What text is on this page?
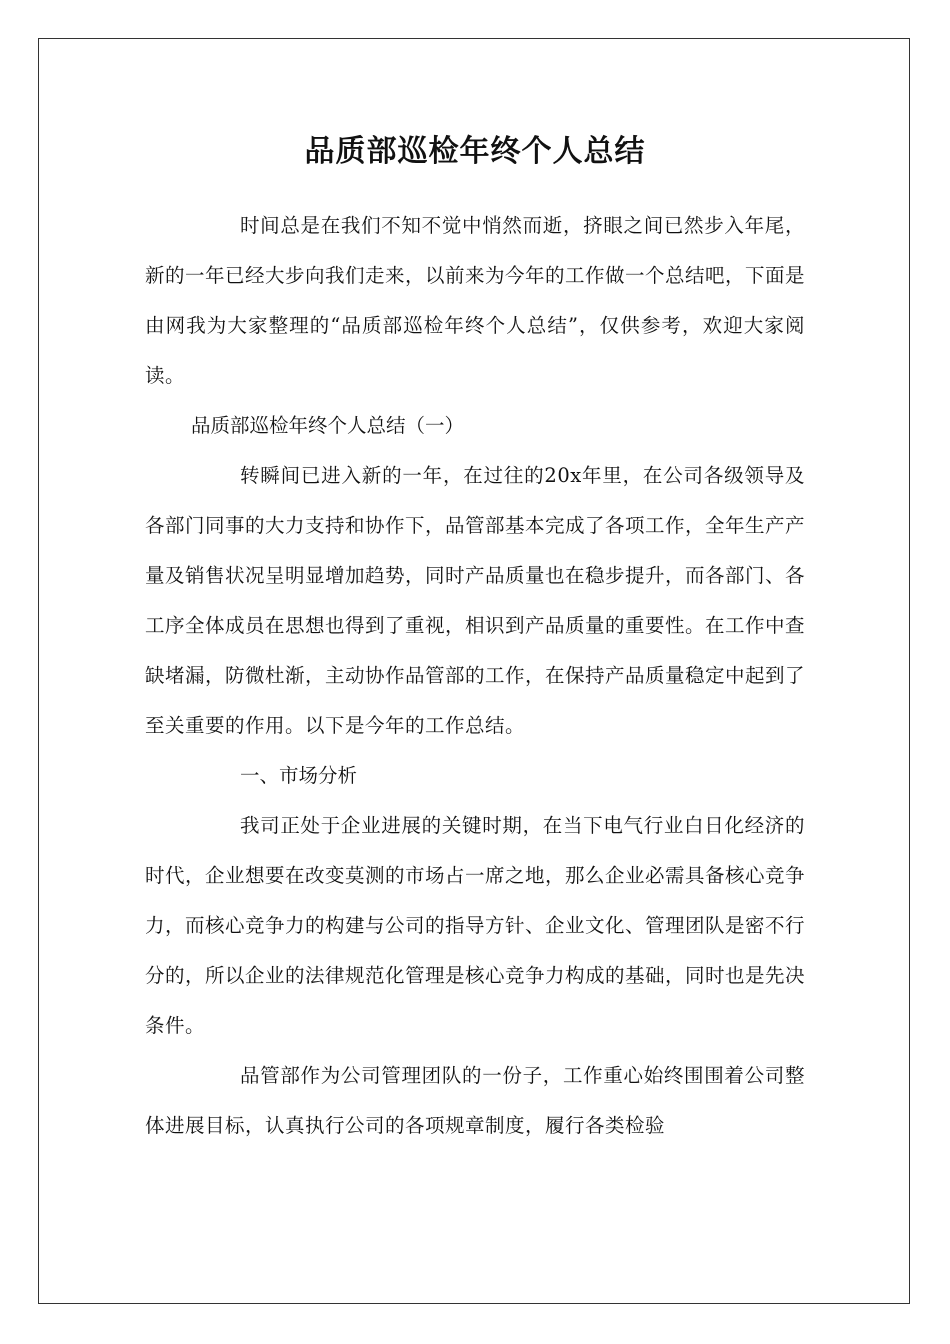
品质部巡检年终个人总结

时间总是在我们不知不觉中悄然而逝，挤眼之间已然步入年尾，新的一年已经大步向我们走来，以前来为今年的工作做一个总结吧，下面是由网我为大家整理的“品质部巡检年终个人总结”，仅供参考，欢迎大家阅读。

品质部巡检年终个人总结（一）

转瞬间已进入新的一年，在过往的20x年里，在公司各级领导及各部门同事的大力支持和协作下，品管部基本完成了各项工作，全年生产产量及销售状况呈明显增加趋势，同时产品质量也在稳步提升，而各部门、各工序全体成员在思想也得到了重视，相识到产品质量的重要性。在工作中查缺堵漏，防微杜渐，主动协作品管部的工作，在保持产品质量稳定中起到了至关重要的作用。以下是今年的工作总结。

一、市场分析

我司正处于企业进展的关键时期，在当下电气行业白日化经济的时代，企业想要在改变莫测的市场占一席之地，那么企业必需具备核心竞争力，而核心竞争力的构建与公司的指导方针、企业文化、管理团队是密不行分的，所以企业的法律规范化管理是核心竞争力构成的基础，同时也是先决条件。

品管部作为公司管理团队的一份子，工作重心始终围围着公司整体进展目标，认真执行公司的各项规章制度，履行各类检验
